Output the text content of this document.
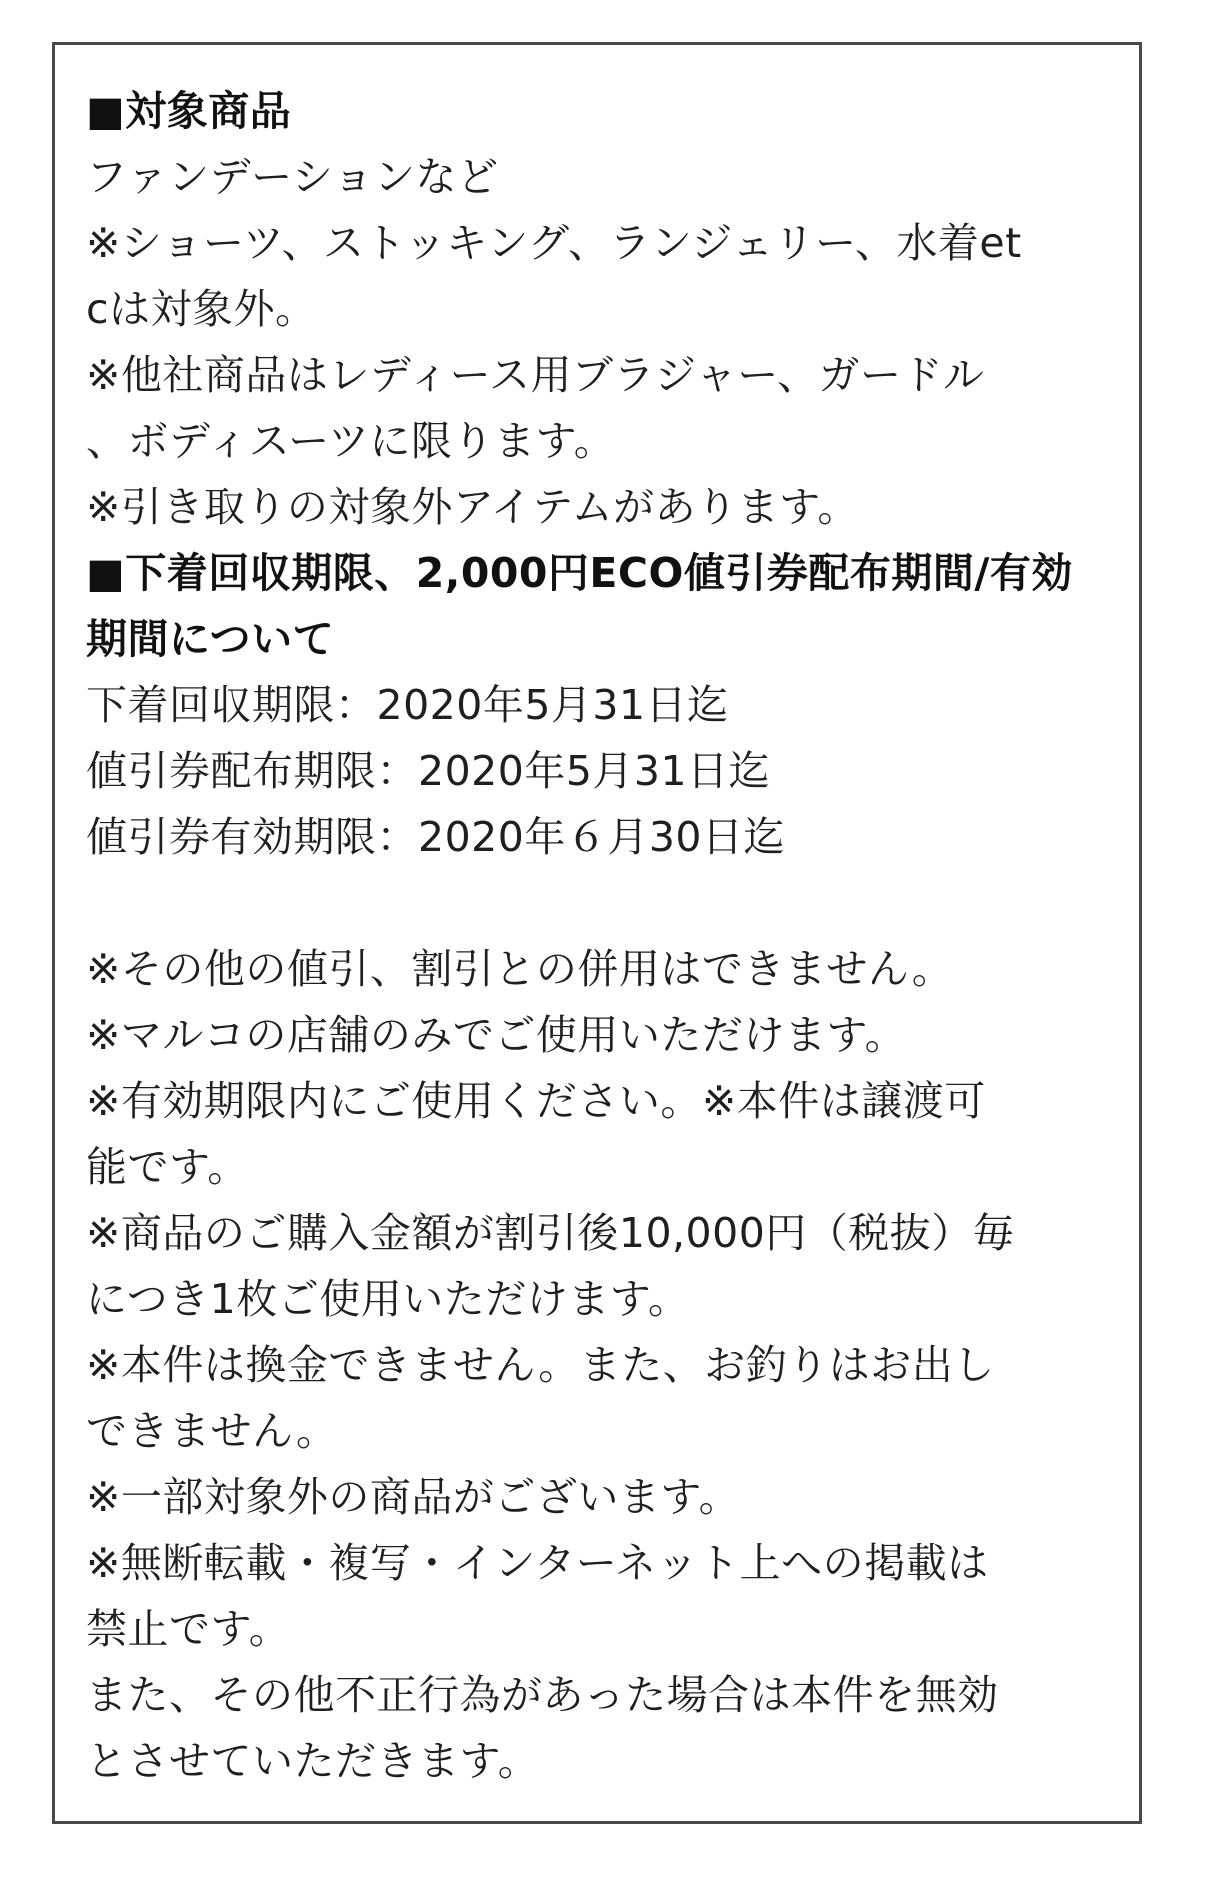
■対象商品
ファンデーションなど
※ショーツ、ストッキング、ランジェリー、水着et
cは対象外。
※他社商品はレディース用ブラジャー、ガードル
、ボディスーツに限ります。
※引き取りの対象外アイテムがあります。
■下着回収期限、2,000円ECO値引券配布期間/有効
期間について
下着回収期限：2020年5月31日迄
値引券配布期限：2020年5月31日迄
値引券有効期限：2020年６月30日迄
※その他の値引、割引との併用はできません。
※マルコの店舗のみでご使用いただけます。
※有効期限内にご使用ください。※本件は譲渡可
能です。
※商品のご購入金額が割引後10,000円（税抜）毎
につき1枚ご使用いただけます。
※本件は換金できません。また、お釣りはお出し
できません。
※一部対象外の商品がございます。
※無断転載・複写・インターネット上への掲載は
禁止です。
また、その他不正行為があった場合は本件を無効
とさせていただきます。
